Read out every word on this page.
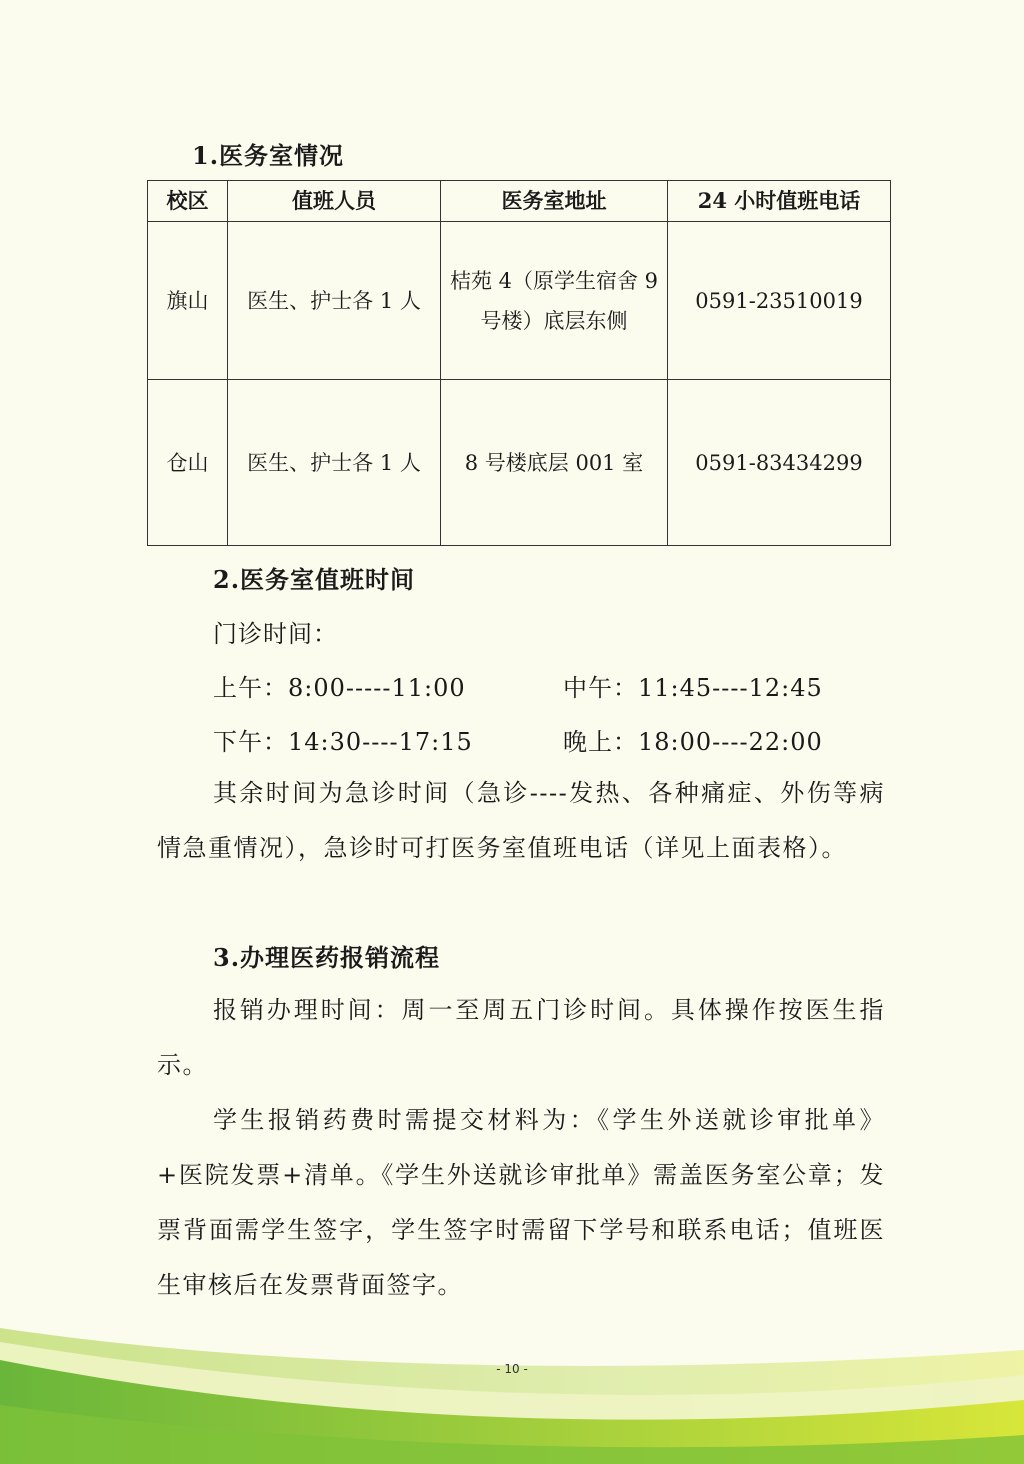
1.医务室情况
校区	值班人员	医务室地址	24 小时值班电话
旗山	医生、护士各 1 人	桔苑 4（原学生宿舍 9 号楼）底层东侧	0591-23510019
仓山	医生、护士各 1 人	8 号楼底层 001 室	0591-83434299
2.医务室值班时间
门诊时间：
上午：8:00-----11:00	中午：11:45----12:45
下午：14:30----17:15	晚上：18:00----22:00
其余时间为急诊时间（急诊----发热、各种痛症、外伤等病情急重情况），急诊时可打医务室值班电话（详见上面表格）。
3.办理医药报销流程
报销办理时间：周一至周五门诊时间。具体操作按医生指示。
学生报销药费时需提交材料为：《学生外送就诊审批单》+医院发票+清单。《学生外送就诊审批单》需盖医务室公章；发票背面需学生签字，学生签字时需留下学号和联系电话；值班医生审核后在发票背面签字。
- 10 -
